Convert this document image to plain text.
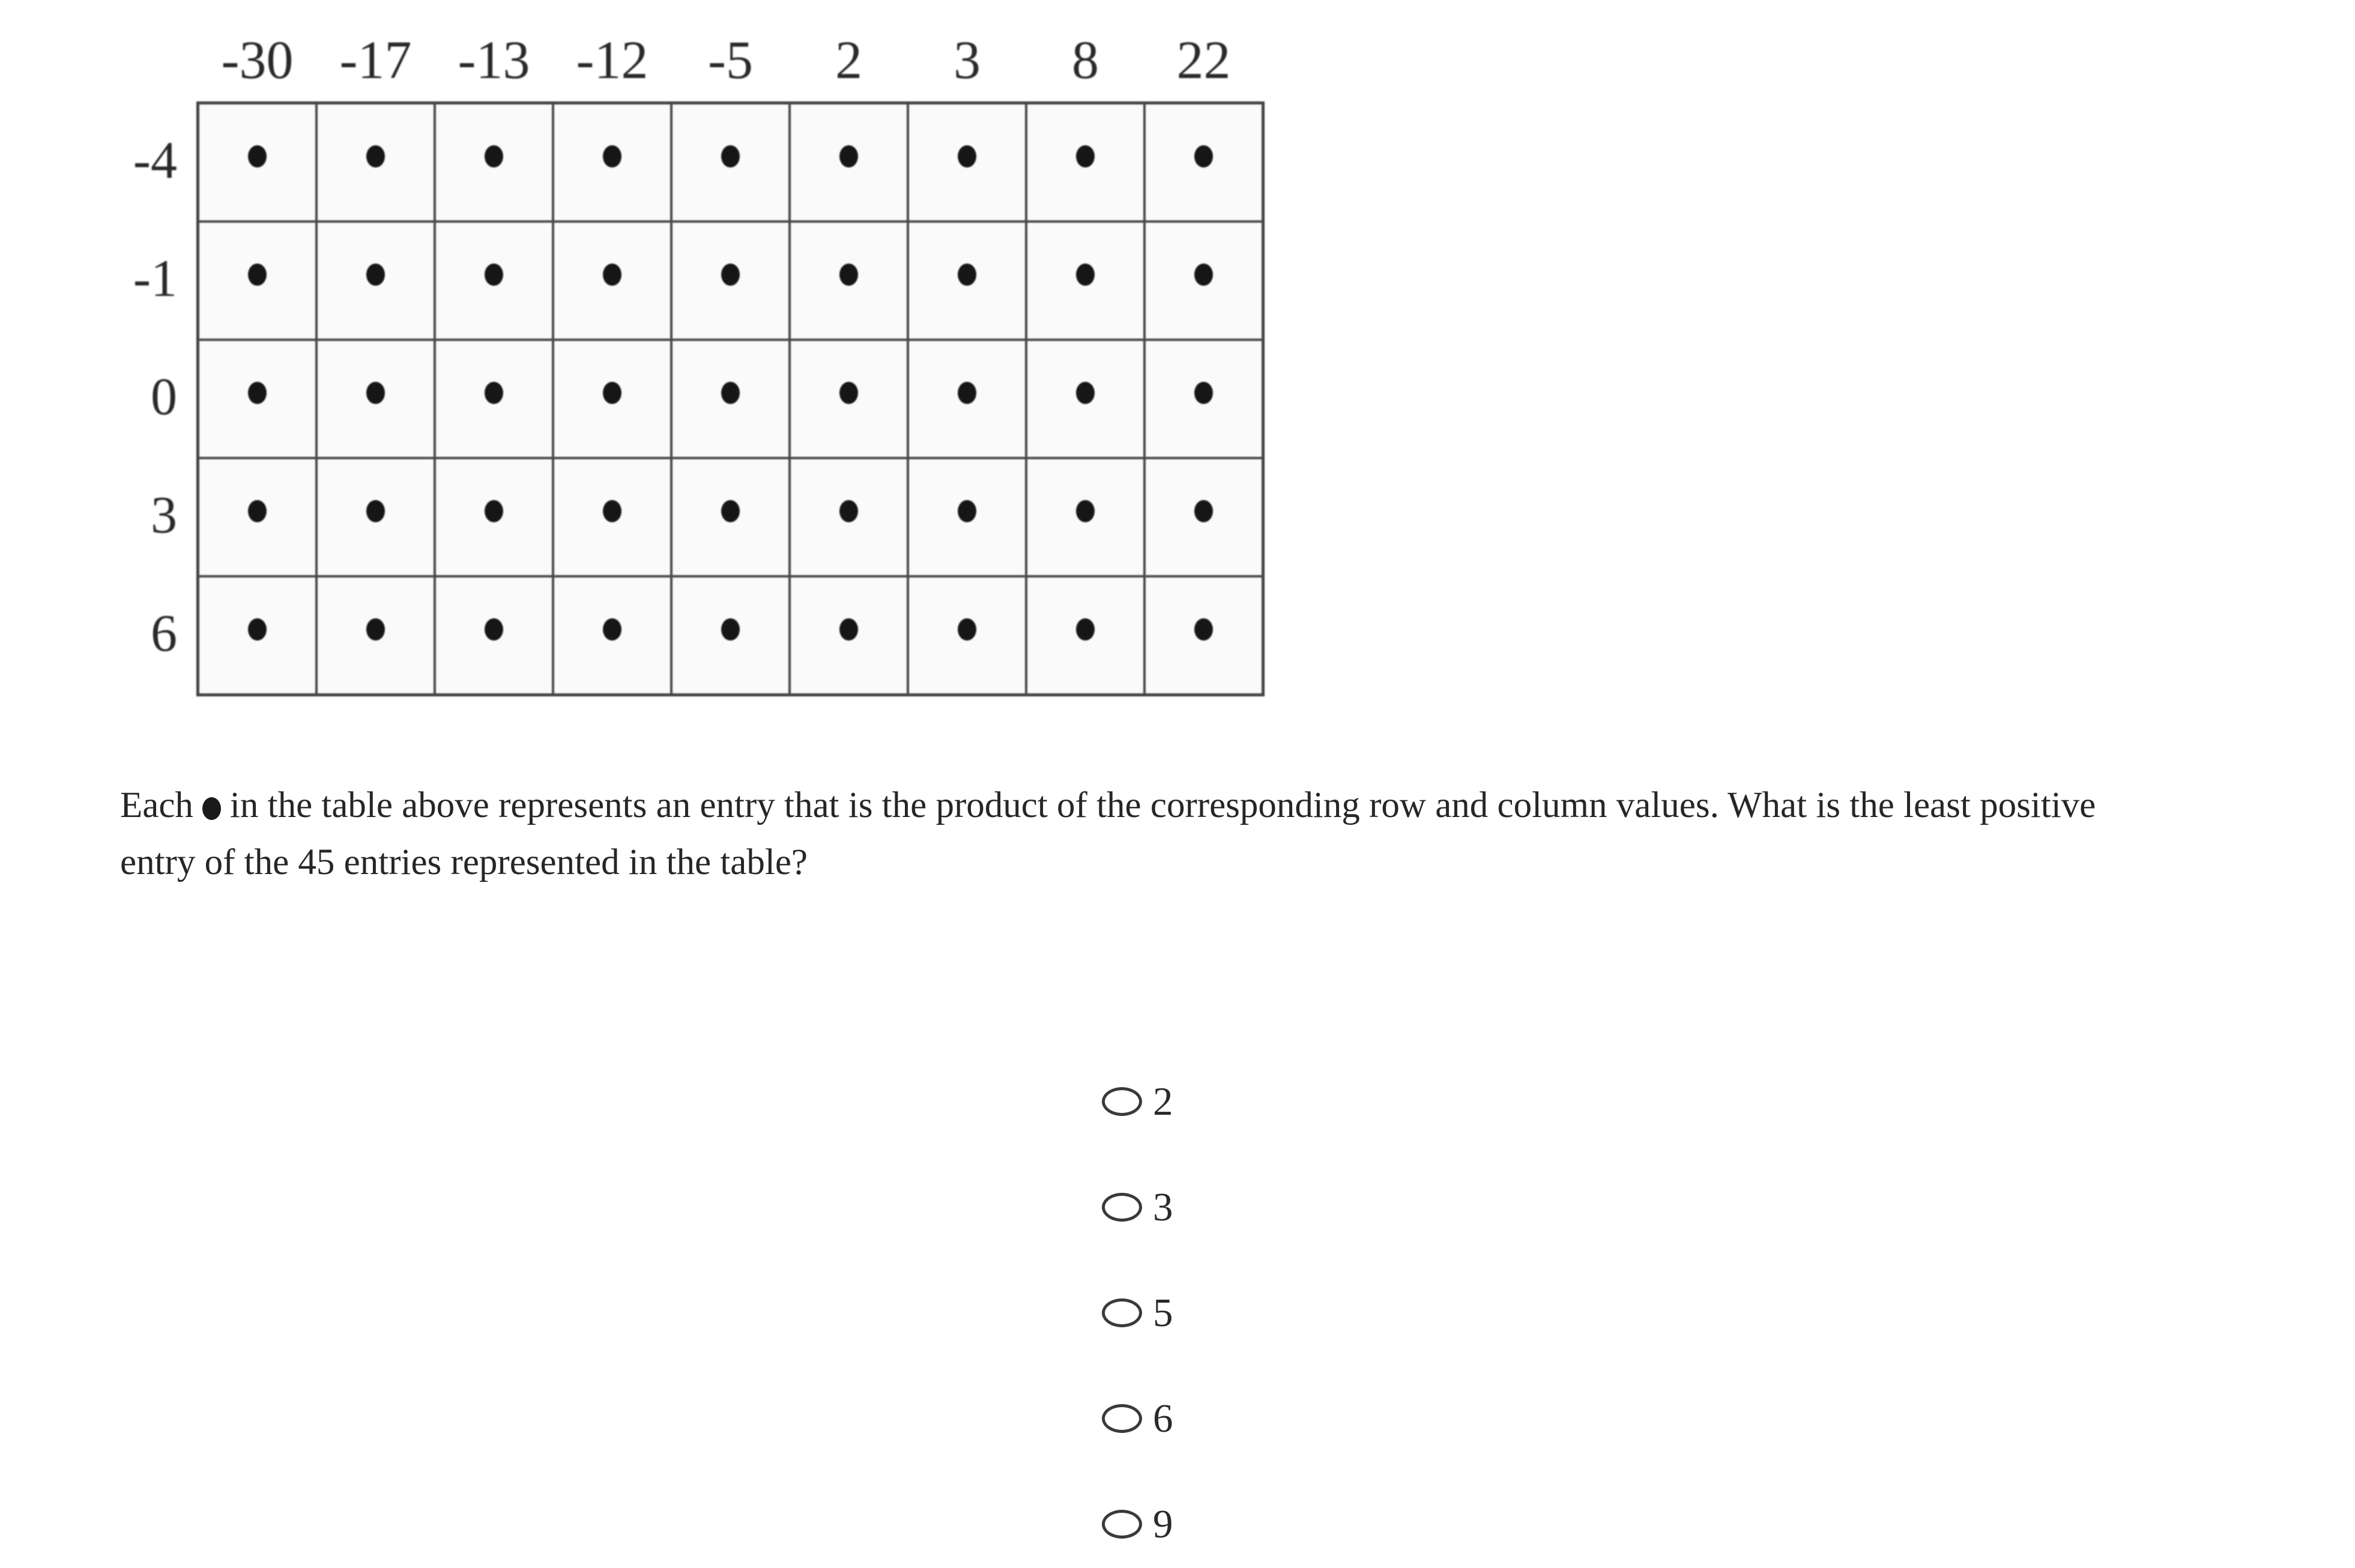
-30 -17 -13 -12 -5 2 3 8 22
-4
-1
0
3
6
Each in the table above represents an entry that is the product of the corresponding row and column values. What is the least positive
entry of the 45 entries represented in the table?
2
3
5
6
9
